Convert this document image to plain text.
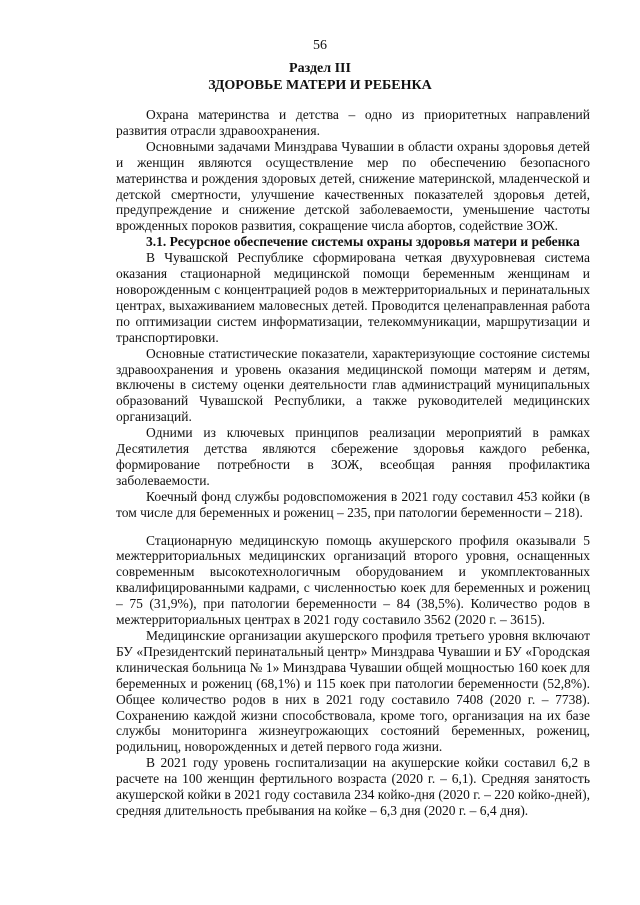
56
Раздел III
ЗДОРОВЬЕ МАТЕРИ И РЕБЕНКА

Охрана материнства и детства – одно из приоритетных направлений развития отрасли здравоохранения.

Основными задачами Минздрава Чувашии в области охраны здоровья детей и женщин являются осуществление мер по обеспечению безопасного материнства и рождения здоровых детей, снижение материнской, младенческой и детской смертности, улучшение качественных показателей здоровья детей, предупреждение и снижение детской заболеваемости, уменьшение частоты врожденных пороков развития, сокращение числа абортов, содействие ЗОЖ.

3.1. Ресурсное обеспечение системы охраны здоровья матери и ребенка

В Чувашской Республике сформирована четкая двухуровневая система оказания стационарной медицинской помощи беременным женщинам и новорожденным с концентрацией родов в межтерриториальных и перинатальных центрах, выхаживанием маловесных детей. Проводится целенаправленная работа по оптимизации систем информатизации, телекоммуникации, маршрутизации и транспортировки.

Основные статистические показатели, характеризующие состояние системы здравоохранения и уровень оказания медицинской помощи матерям и детям, включены в систему оценки деятельности глав администраций муниципальных образований Чувашской Республики, а также руководителей медицинских организаций.

Одними из ключевых принципов реализации мероприятий в рамках Десятилетия детства являются сбережение здоровья каждого ребенка, формирование потребности в ЗОЖ, всеобщая ранняя профилактика заболеваемости.

Коечный фонд службы родовспоможения в 2021 году составил 453 койки (в том числе для беременных и рожениц – 235, при патологии беременности – 218).

Стационарную медицинскую помощь акушерского профиля оказывали 5 межтерриториальных медицинских организаций второго уровня, оснащенных современным высокотехнологичным оборудованием и укомплектованных квалифицированными кадрами, с численностью коек для беременных и рожениц – 75 (31,9%), при патологии беременности – 84 (38,5%). Количество родов в межтерриториальных центрах в 2021 году составило 3562 (2020 г. – 3615).

Медицинские организации акушерского профиля третьего уровня включают БУ «Президентский перинатальный центр» Минздрава Чувашии и БУ «Городская клиническая больница № 1» Минздрава Чувашии общей мощностью 160 коек для беременных и рожениц (68,1%) и 115 коек при патологии беременности (52,8%). Общее количество родов в них в 2021 году составило 7408 (2020 г. – 7738). Сохранению каждой жизни способствовала, кроме того, организация на их базе службы мониторинга жизнеугрожающих состояний беременных, рожениц, родильниц, новорожденных и детей первого года жизни.

В 2021 году уровень госпитализации на акушерские койки составил 6,2 в расчете на 100 женщин фертильного возраста (2020 г. – 6,1). Средняя занятость акушерской койки в 2021 году составила 234 койко-дня (2020 г. – 220 койко-дней), средняя длительность пребывания на койке – 6,3 дня (2020 г. – 6,4 дня).
